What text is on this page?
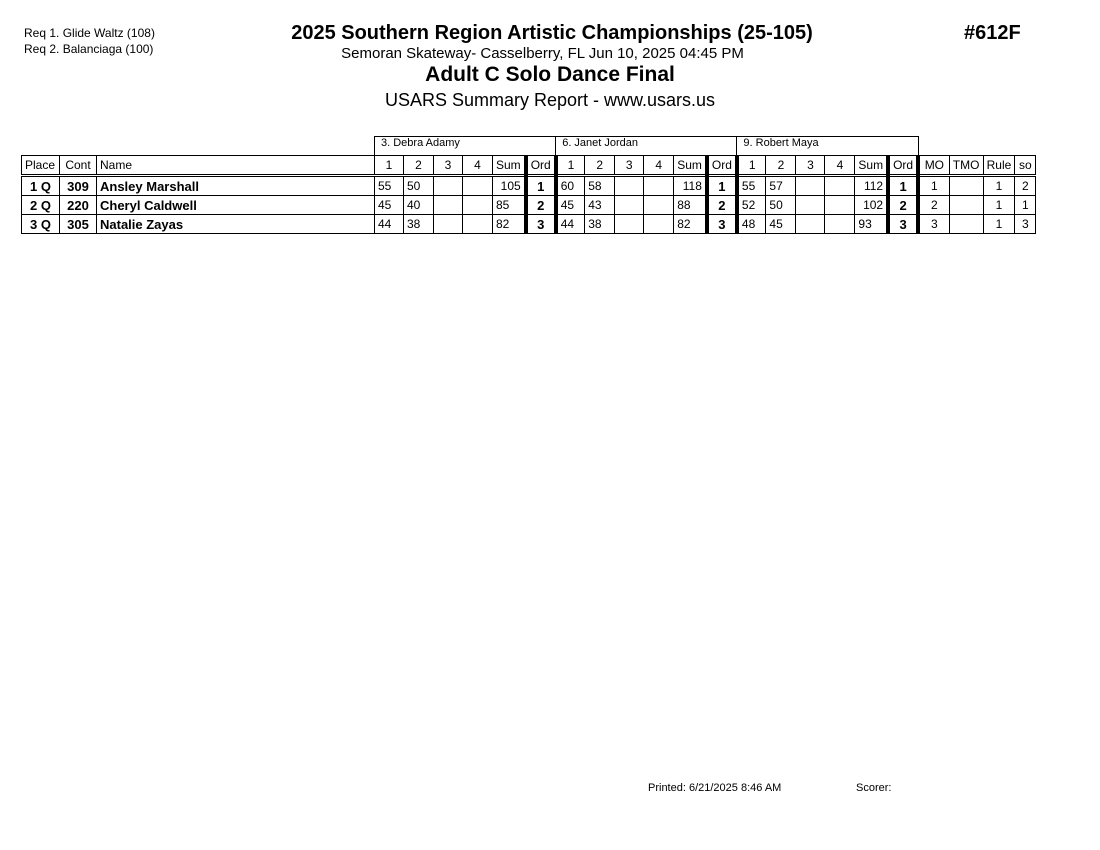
Req 1. Glide Waltz (108)
Req 2. Balanciaga (100)
2025 Southern Region Artistic Championships (25-105)
Semoran Skateway- Casselberry, FL Jun 10, 2025 04:45 PM
Adult C Solo Dance Final
USARS Summary Report - www.usars.us
#612F
			3. Debra Adamy						6. Janet Jordan						9. Robert Maya									
Place	Cont	Name	1	2	3	4	Sum	Ord	1	2	3	4	Sum	Ord	1	2	3	4	Sum	Ord	MO	TMO	Rule	so
1 Q	309	Ansley Marshall	55	50			105	1	60	58			118	1	55	57			112	1	1		1	2
2 Q	220	Cheryl Caldwell	45	40			85	2	45	43			88	2	52	50			102	2	2		1	1
3 Q	305	Natalie Zayas	44	38			82	3	44	38			82	3	48	45			93	3	3		1	3
Printed: 6/21/2025 8:46 AM	Scorer:
